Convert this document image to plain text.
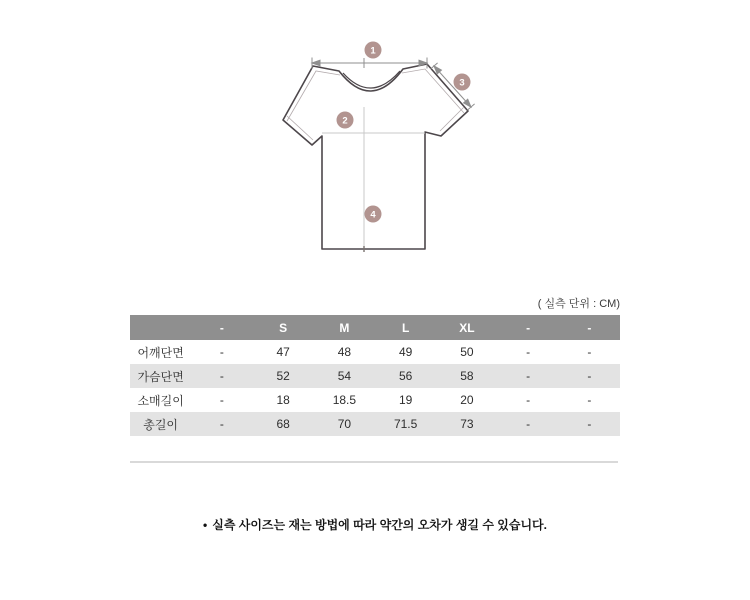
1
2
3
4
( 실측 단위 : CM)
	-	S	M	L	XL	-	-
어깨단면	-	47	48	49	50	-	-
가슴단면	-	52	54	56	58	-	-
소매길이	-	18	18.5	19	20	-	-
총길이	-	68	70	71.5	73	-	-
• 실측 사이즈는 재는 방법에 따라 약간의 오차가 생길 수 있습니다.
